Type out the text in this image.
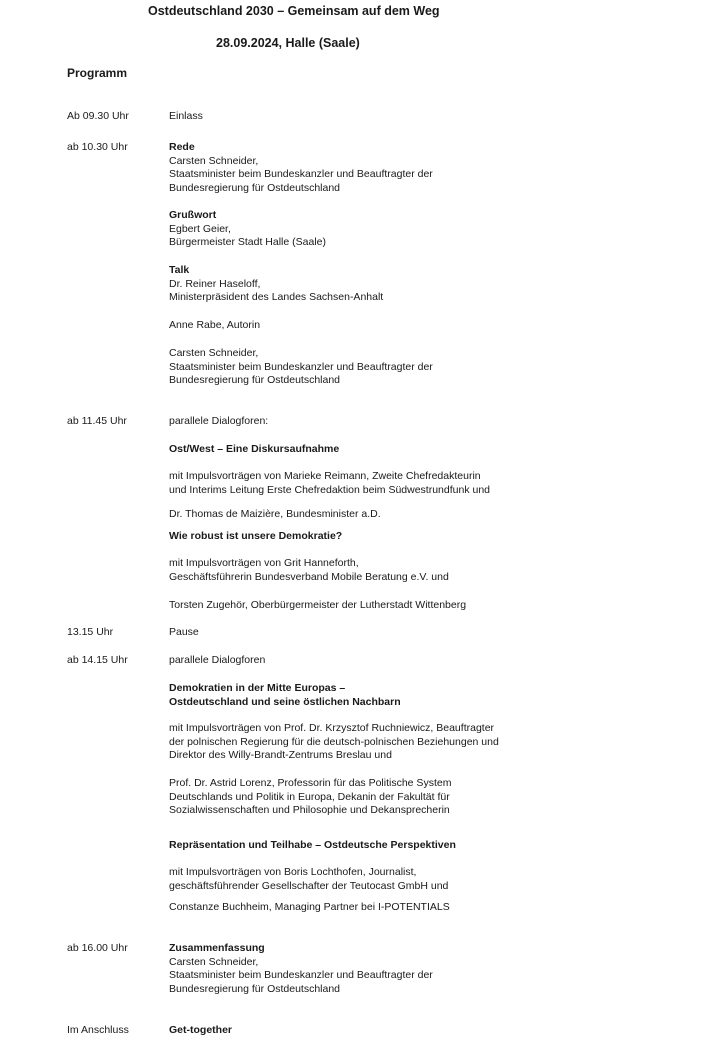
Ostdeutschland 2030 – Gemeinsam auf dem Weg
28.09.2024, Halle (Saale)
Programm
Ab 09.30 Uhr	Einlass
ab 10.30 Uhr	Rede
Carsten Schneider,
Staatsminister beim Bundeskanzler und Beauftragter der
Bundesregierung für Ostdeutschland
Grußwort
Egbert Geier,
Bürgermeister Stadt Halle (Saale)
Talk
Dr. Reiner Haseloff,
Ministerpräsident des Landes Sachsen-Anhalt
Anne Rabe, Autorin
Carsten Schneider,
Staatsminister beim Bundeskanzler und Beauftragter der
Bundesregierung für Ostdeutschland
ab 11.45 Uhr	parallele Dialogforen:
Ost/West – Eine Diskursaufnahme
mit Impulsvorträgen von Marieke Reimann, Zweite Chefredakteurin
und Interims Leitung Erste Chefredaktion beim Südwestrundfunk und
Dr. Thomas de Maizière, Bundesminister a.D.
Wie robust ist unsere Demokratie?
mit Impulsvorträgen von Grit Hanneforth,
Geschäftsführerin Bundesverband Mobile Beratung e.V. und
Torsten Zugehör, Oberbürgermeister der Lutherstadt Wittenberg
13.15 Uhr	Pause
ab 14.15 Uhr	parallele Dialogforen
Demokratien in der Mitte Europas –
Ostdeutschland und seine östlichen Nachbarn
mit Impulsvorträgen von Prof. Dr. Krzysztof Ruchniewicz, Beauftragter
der polnischen Regierung für die deutsch-polnischen Beziehungen und
Direktor des Willy-Brandt-Zentrums Breslau und
Prof. Dr. Astrid Lorenz, Professorin für das Politische System
Deutschlands und Politik in Europa, Dekanin der Fakultät für
Sozialwissenschaften und Philosophie und Dekansprecherin
Repräsentation und Teilhabe – Ostdeutsche Perspektiven
mit Impulsvorträgen von Boris Lochthofen, Journalist,
geschäftsführender Gesellschafter der Teutocast GmbH und
Constanze Buchheim, Managing Partner bei I-POTENTIALS
ab 16.00 Uhr	Zusammenfassung
Carsten Schneider,
Staatsminister beim Bundeskanzler und Beauftragter der
Bundesregierung für Ostdeutschland
Im Anschluss	Get-together
